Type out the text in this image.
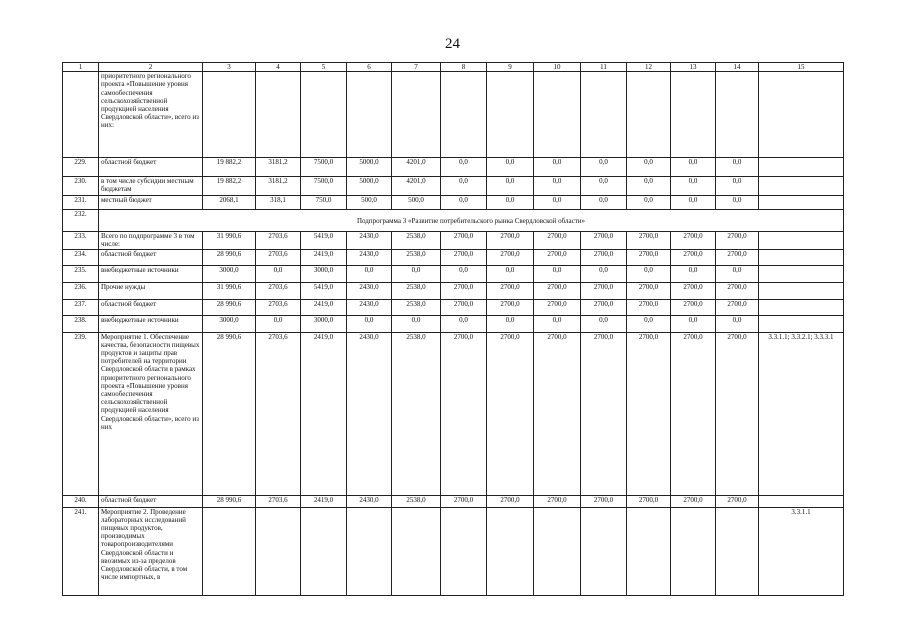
24
1	2	3	4	5	6	7	8	9	10	11	12	13	14	15
	приоритетного регионального проекта «Повышение уровня самообеспечения сельскохозяйственной продукцией населения Свердловской области», всего из них:													
229.	областной бюджет	19 882,2	3181,2	7500,0	5000,0	4201,0	0,0	0,0	0,0	0,0	0,0	0,0	0,0	
230.	в том числе субсидии местным бюджетам	19 882,2	3181,2	7500,0	5000,0	4201,0	0,0	0,0	0,0	0,0	0,0	0,0	0,0	
231.	местный бюджет	2068,1	318,1	750,0	500,0	500,0	0,0	0,0	0,0	0,0	0,0	0,0	0,0	
232.	Подпрограмма 3 «Развитие потребительского рынка Свердловской области»													
233.	Всего по подпрограмме 3 в том числе:	31 990,6	2703,6	5419,0	2430,0	2538,0	2700,0	2700,0	2700,0	2700,0	2700,0	2700,0	2700,0	
234.	областной бюджет	28 990,6	2703,6	2419,0	2430,0	2538,0	2700,0	2700,0	2700,0	2700,0	2700,0	2700,0	2700,0	
235.	внебюджетные источники	3000,0	0,0	3000,0	0,0	0,0	0,0	0,0	0,0	0,0	0,0	0,0	0,0	
236.	Прочие нужды	31 990,6	2703,6	5419,0	2430,0	2538,0	2700,0	2700,0	2700,0	2700,0	2700,0	2700,0	2700,0	
237.	областной бюджет	28 990,6	2703,6	2419,0	2430,0	2538,0	2700,0	2700,0	2700,0	2700,0	2700,0	2700,0	2700,0	
238.	внебюджетные источники	3000,0	0,0	3000,0	0,0	0,0	0,0	0,0	0,0	0,0	0,0	0,0	0,0	
239.	Мероприятие 1. Обеспечение качества, безопасности пищевых продуктов и защиты прав потребителей на территории Свердловской области в рамках приоритетного регионального проекта «Повышение уровня самообеспечения сельскохозяйственной продукцией населения Свердловской области», всего из них	28 990,6	2703,6	2419,0	2430,0	2538,0	2700,0	2700,0	2700,0	2700,0	2700,0	2700,0	2700,0	3.3.1.1; 3.3.2.1; 3.3.3.1
240.	областной бюджет	28 990,6	2703,6	2419,0	2430,0	2538,0	2700,0	2700,0	2700,0	2700,0	2700,0	2700,0	2700,0	
241.	Мероприятие 2. Проведение лабораторных исследований пищевых продуктов, производимых товаропроизводителями Свердловской области и ввозимых из-за пределов Свердловской области, в том числе импортных, в													3.3.1.1
